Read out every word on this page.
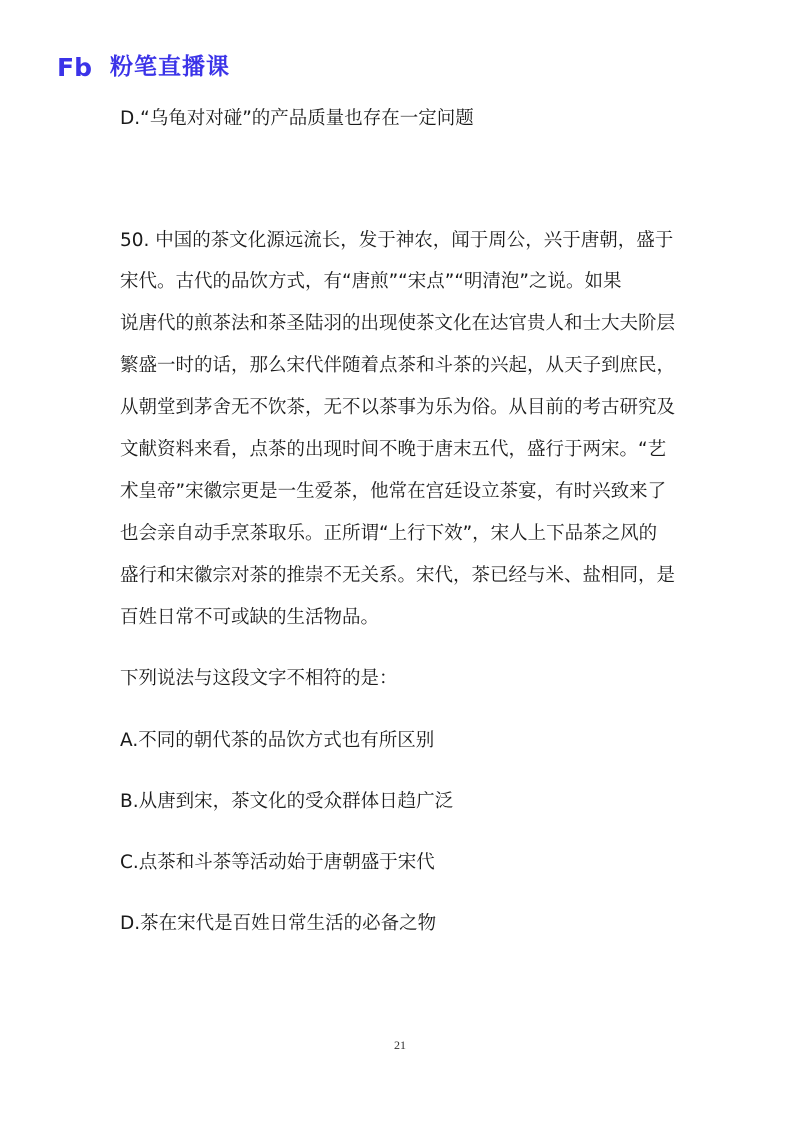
Fb 粉笔直播课

D.“乌龟对对碰”的产品质量也存在一定问题

50. 中国的茶文化源远流长，发于神农，闻于周公，兴于唐朝，盛于

宋代。古代的品饮方式，有“唐煎”“宋点”“明清泡”之说。如果

说唐代的煎茶法和茶圣陆羽的出现使茶文化在达官贵人和士大夫阶层

繁盛一时的话，那么宋代伴随着点茶和斗茶的兴起，从天子到庶民，

从朝堂到茅舍无不饮茶，无不以茶事为乐为俗。从目前的考古研究及

文献资料来看，点茶的出现时间不晚于唐末五代，盛行于两宋。“艺

术皇帝”宋徽宗更是一生爱茶，他常在宫廷设立茶宴，有时兴致来了

也会亲自动手烹茶取乐。正所谓“上行下效”，宋人上下品茶之风的

盛行和宋徽宗对茶的推崇不无关系。宋代，茶已经与米、盐相同，是

百姓日常不可或缺的生活物品。

下列说法与这段文字不相符的是：

A.不同的朝代茶的品饮方式也有所区别

B.从唐到宋，茶文化的受众群体日趋广泛

C.点茶和斗茶等活动始于唐朝盛于宋代

D.茶在宋代是百姓日常生活的必备之物

21
